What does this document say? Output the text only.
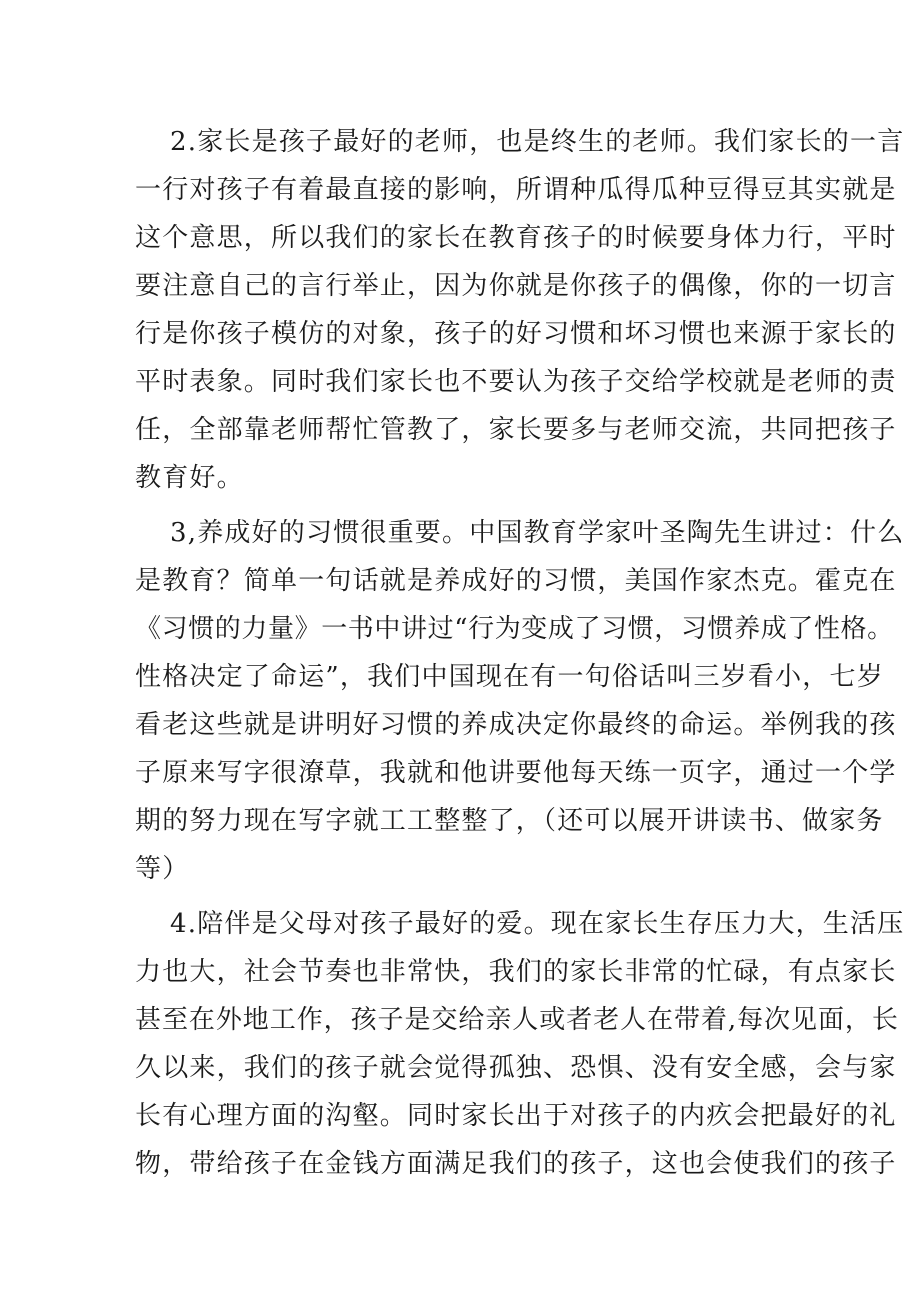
2.家长是孩子最好的老师，也是终生的老师。我们家长的一言
一行对孩子有着最直接的影响，所谓种瓜得瓜种豆得豆其实就是
这个意思，所以我们的家长在教育孩子的时候要身体力行，平时
要注意自己的言行举止，因为你就是你孩子的偶像，你的一切言
行是你孩子模仿的对象，孩子的好习惯和坏习惯也来源于家长的
平时表象。同时我们家长也不要认为孩子交给学校就是老师的责
任，全部靠老师帮忙管教了，家长要多与老师交流，共同把孩子
教育好。
3,养成好的习惯很重要。中国教育学家叶圣陶先生讲过：什么
是教育？简单一句话就是养成好的习惯，美国作家杰克。霍克在
《习惯的力量》一书中讲过“行为变成了习惯，习惯养成了性格。
性格决定了命运”，我们中国现在有一句俗话叫三岁看小，七岁
看老这些就是讲明好习惯的养成决定你最终的命运。举例我的孩
子原来写字很潦草，我就和他讲要他每天练一页字，通过一个学
期的努力现在写字就工工整整了，（还可以展开讲读书、做家务
等）
4.陪伴是父母对孩子最好的爱。现在家长生存压力大，生活压
力也大，社会节奏也非常快，我们的家长非常的忙碌，有点家长
甚至在外地工作，孩子是交给亲人或者老人在带着,每次见面，长
久以来，我们的孩子就会觉得孤独、恐惧、没有安全感，会与家
长有心理方面的沟壑。同时家长出于对孩子的内疚会把最好的礼
物，带给孩子在金钱方面满足我们的孩子，这也会使我们的孩子
